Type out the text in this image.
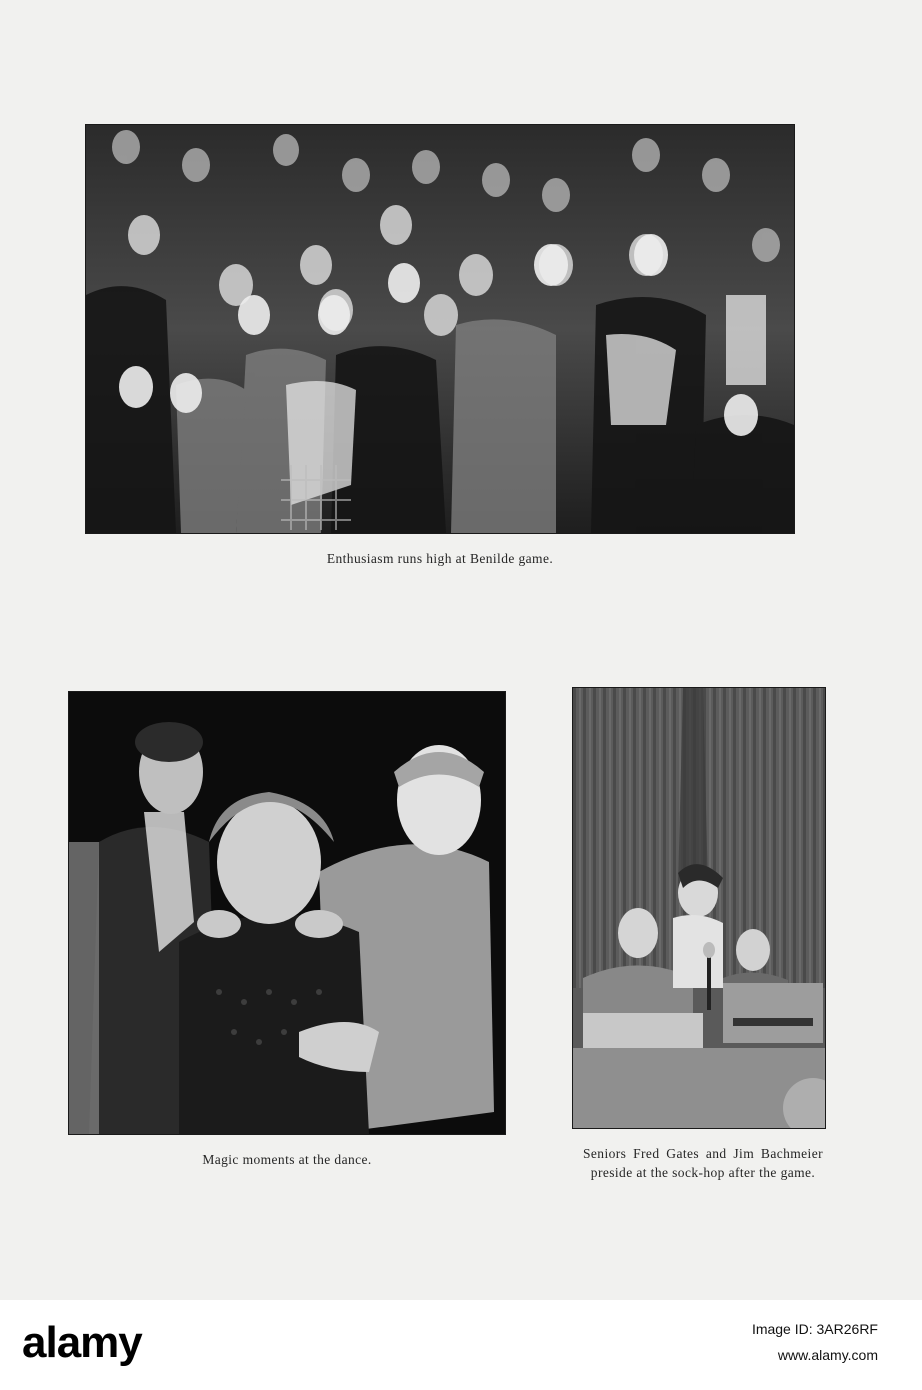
Enthusiasm runs high at Benilde game.

Magic moments at the dance.	Seniors Fred Gates and Jim Bachmeier preside at the sock-hop after the game.

alamy	Image ID: 3AR26RF
www.alamy.com
